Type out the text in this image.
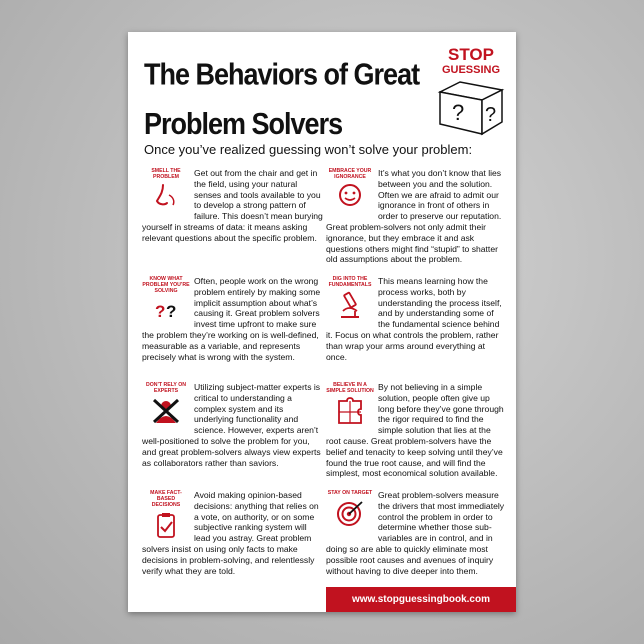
The Behaviors of Great Problem Solvers
STOP
GUESSING
? ?
Once you’ve realized guessing won’t solve your problem:
SMELL THE PROBLEM	Get out from the chair and get in the field, using your natural senses and tools available to you to develop a strong pattern of failure. This doesn’t mean burying yourself in streams of data: it means asking relevant questions about the specific problem.

EMBRACE YOUR IGNORANCE	It’s what you don’t know that lies between you and the solution. Often we are afraid to admit our ignorance in front of others in order to preserve our reputation. Great problem-solvers not only admit their ignorance, but they embrace it and ask questions others might find “stupid” to shatter old assumptions about the problem.

KNOW WHAT PROBLEM YOU’RE SOLVING
? ?

Often, people work on the wrong problem entirely by making some implicit assumption about what’s causing it. Great problem solvers invest time upfront to make sure the problem they’re working on is well-defined, measurable as a variable, and represents precisely what is wrong with the system.

DIG INTO THE FUNDAMENTALS This means learning how the process works, both by understanding the process itself, and by understanding some of the fundamental science behind it. Focus on what controls the problem, rather than wrap your arms around everything at once.

DON’T RELY ON EXPERTS	Utilizing subject-matter experts is critical to understanding a complex system and its underlying functionality and science. However, experts aren’t well-positioned to solve the problem for you, and great problem-solvers always view experts as collaborators rather than saviors.

BELIEVE IN A SIMPLE SOLUTION By not believing in a simple solution, people often give up long before they’ve gone through the rigor required to find the simple solution that lies at the root cause. Great problem-solvers have the belief and tenacity to keep solving until they’ve found the true root cause, and will find the simplest, most economical solution available.

MAKE FACT- BASED DECISIONS

Avoid making opinion-based decisions: anything that relies on a vote, on authority, or on some subjective ranking system will lead you astray. Great problem solvers insist on using only facts to make decisions in problem-solving, and relentlessly verify what they are told.

STAY ON TARGET Great problem-solvers measure the drivers that most immediately control the problem in order to determine whether those sub-variables are in control, and in doing so are able to quickly eliminate most possible root causes and avenues of inquiry without having to dive deeper into them.

www.stopguessingbook.com
